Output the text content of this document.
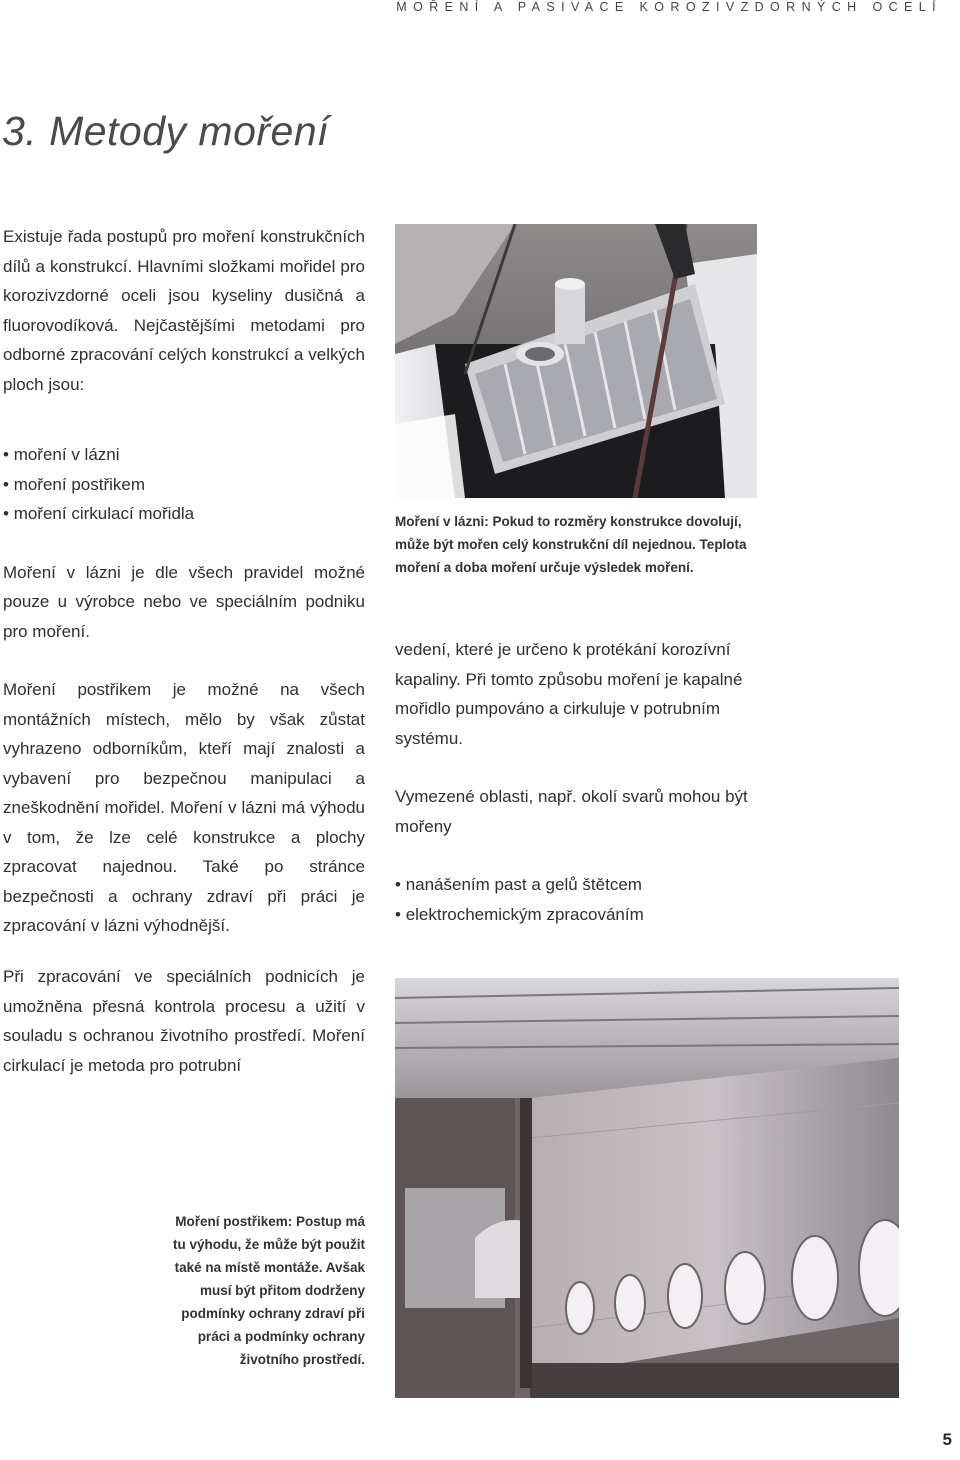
MOŘENÍ A PASIVACE KOROZIVZDORNÝCH OCELÍ
3. Metody moření

Existuje řada postupů pro moření konstrukčních dílů a konstrukcí. Hlavními složkami mořidel pro korozivzdorné oceli jsou kyseliny dusičná a fluorovodíková. Nejčastějšími metodami pro odborné zpracování celých konstrukcí a velkých ploch jsou:

• moření v lázni
• moření postřikem
• moření cirkulací mořidla

Moření v lázni je dle všech pravidel možné pouze u výrobce nebo ve speciálním podniku pro moření.

Moření postřikem je možné na všech montážních místech, mělo by však zůstat vyhrazeno odborníkům, kteří mají znalosti a vybavení pro bezpečnou manipulaci a zneškodnění mořidel. Moření v lázni má výhodu v tom, že lze celé konstrukce a plochy zpracovat najednou. Také po stránce bezpečnosti a ochrany zdraví při práci je zpracování v lázni výhodnější.

Při zpracování ve speciálních podnicích je umožněna přesná kontrola procesu a užití v souladu s ochranou životního prostředí. Moření cirkulací je metoda pro potrubní

Moření v lázni: Pokud to rozměry konstrukce dovolují, může být mořen celý konstrukční díl nejednou. Teplota moření a doba moření určuje výsledek moření.

vedení, které je určeno k protékání korozívní kapaliny. Při tomto způsobu moření je kapalné mořidlo pumpováno a cirkuluje v potrubním systému.

Vymezené oblasti, např. okolí svarů mohou být mořeny

• nanášením past a gelů štětcem
• elektrochemickým zpracováním
Moření postřikem: Postup má tu výhodu, že může být použit také na místě montáže. Avšak musí být přitom dodrženy podmínky ochrany zdraví při práci a podmínky ochrany životního prostředí.
5
